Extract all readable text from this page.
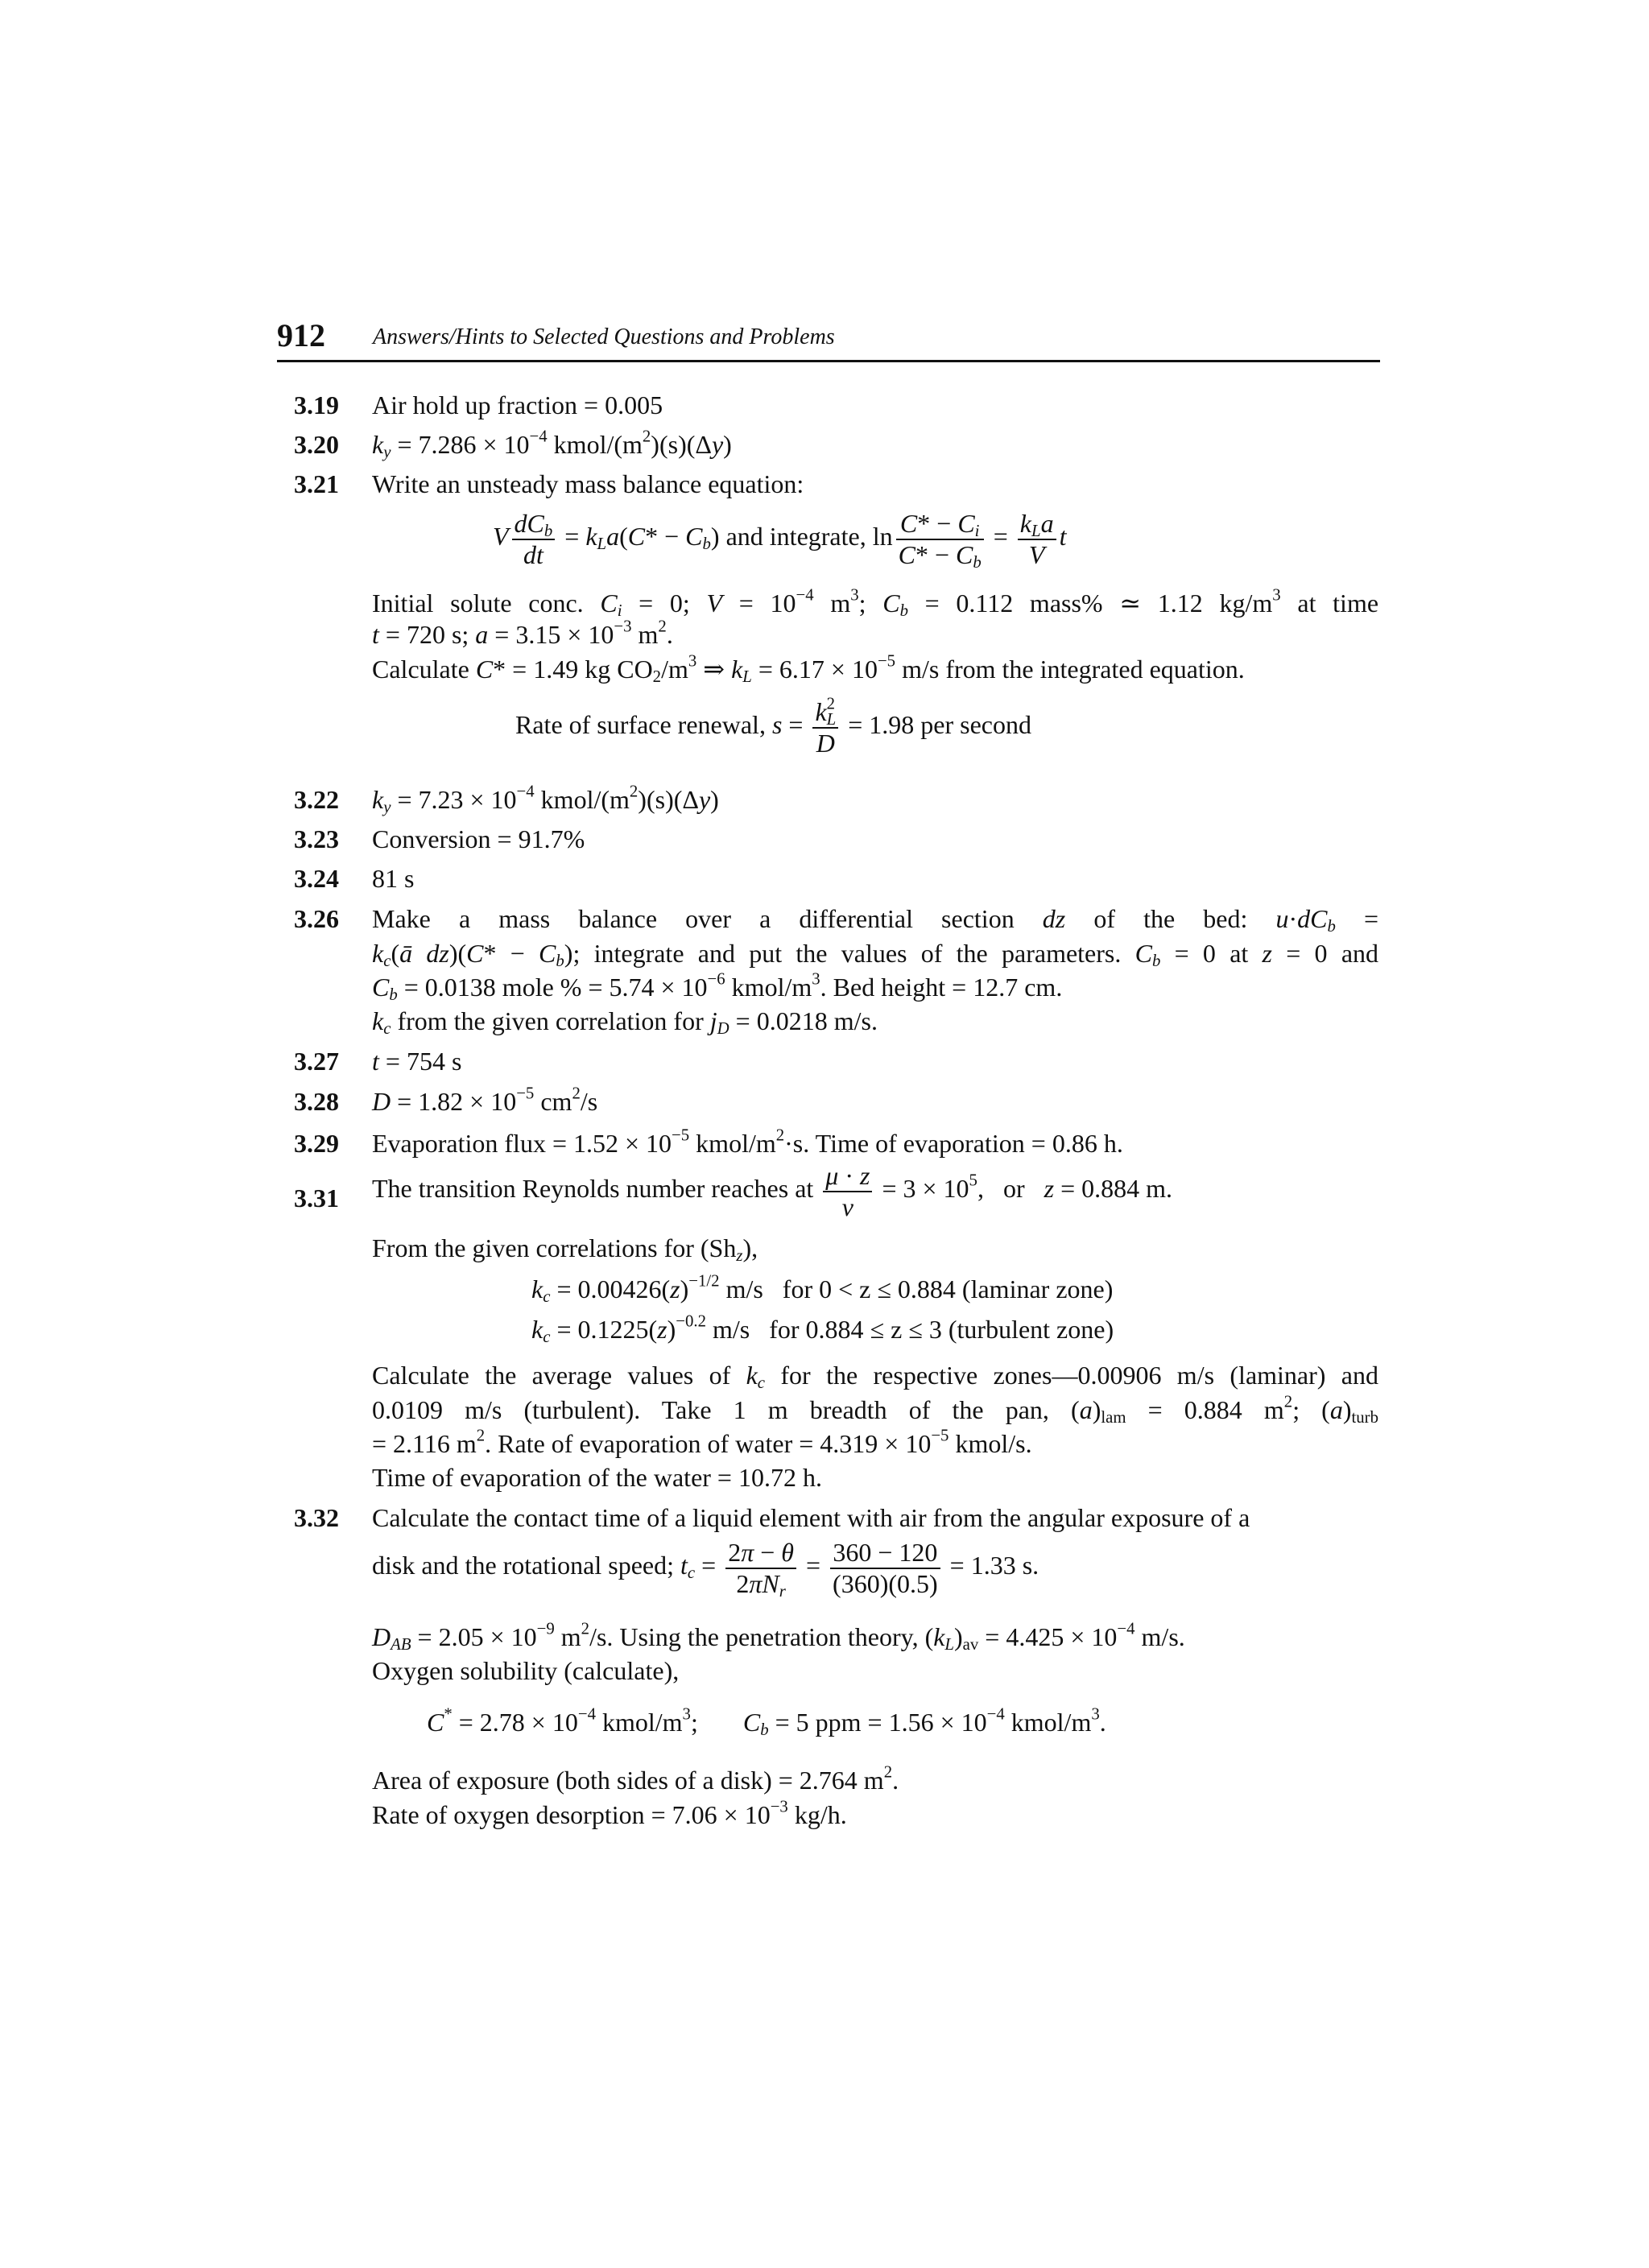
912 Answers/Hints to Selected Questions and Problems
3.19 Air hold up fraction = 0.005
3.20 $k_y = 7.286 \times 10^{-4}$ kmol/$(m^2)(s)(\Delta y)$
3.21 Write an unsteady mass balance equation:
V $\frac{dC_b}{dt} = k_La(C* - C_b)$ and integrate, $\ln \frac{C* - C_i}{C* - C_b} = \frac{k_La}{V}$ t
Initial solute conc. $C_i = 0$; $V = 10^{-4}$ $m^3$; $C_b = 0.112$ mass% ≃ 1.12 $kg/m^3$ at time
t = 720 s; $a = 3.15 \times 10^{-3}$ $m^2$.
Calculate C* = 1.49 kg $CO_2/m^3$ ⇒ $k_L = 6.17 \times 10^{-5}$ m/s from the integrated equation.
Rate of surface renewal, $s = \frac{k^2_L}{D} = 1.98$ per second
3.22 $k_y = 7.23 \times 10^{-4}$ kmol/$(m^2)(s)(\Delta y)$
3.23 Conversion = 91.7%
3.24 81 s
3.26 Make a mass balance over a differential section dz of the bed: $u\cdot dC_b$ =
$k_c(ā$ $dz)(C* - C_b)$; integrate and put the values of the parameters. $C_b = 0$ at z = 0 and
$C_b = 0.0138$ mole % = $5.74 \times 10^{-6}$ kmol/$m^3$. Bed height = 12.7 cm.
$k_c$ from the given correlation for $j_D = 0.0218$ m/s.
3.27 t = 754 s
3.28 $D = 1.82 \times 10^{-5}$ $cm^2/s$
3.29 Evaporation flux = $1.52 \times 10^{-5}$ kmol/$m^2\cdot s$. Time of evaporation = 0.86 h.
3.31 The transition Reynolds number reaches at $\frac{\mu \cdot z}{\nu} = 3 \times 10^5$,   or z = 0.884 m.
From the given correlations for $(Sh_z)$,
$k_c = 0.00426(z)^{-1/2}$ m/s   for 0 < z ≤ 0.884 (laminar zone)
$k_c = 0.1225(z)^{-0.2}$ m/s   for 0.884 ≤ z ≤ 3 (turbulent zone)
Calculate the average values of $k_c$ for the respective zones—0.00906 m/s (laminar) and
0.0109 m/s (turbulent). Take 1 m breadth of the pan, $(a)_{lam} = 0.884$ $m^2$; $(a)_{turb}$
= 2.116 $m^2$. Rate of evaporation of water = $4.319 \times 10^{-5}$ kmol/s.
Time of evaporation of the water = 10.72 h.
3.32 Calculate the contact time of a liquid element with air from the angular exposure of a
disk and the rotational speed; $t_c = \frac{2\pi - \theta}{2\pi N_r} = \frac{360 - 120}{(360)(0.5)} = 1.33$ s.
$D_{AB} = 2.05 \times 10^{-9}$ $m^2/s$. Using the penetration theory, $(k_L)_{av} = 4.425 \times 10^{-4}$ m/s.
Oxygen solubility (calculate),
$C^* = 2.78 \times 10^{-4}$ kmol/$m^3$;       $C_b = 5$ ppm = $1.56 \times 10^{-4}$ kmol/$m^3$.
Area of exposure (both sides of a disk) = 2.764 $m^2$.
Rate of oxygen desorption = $7.06 \times 10^{-3}$ kg/h.
